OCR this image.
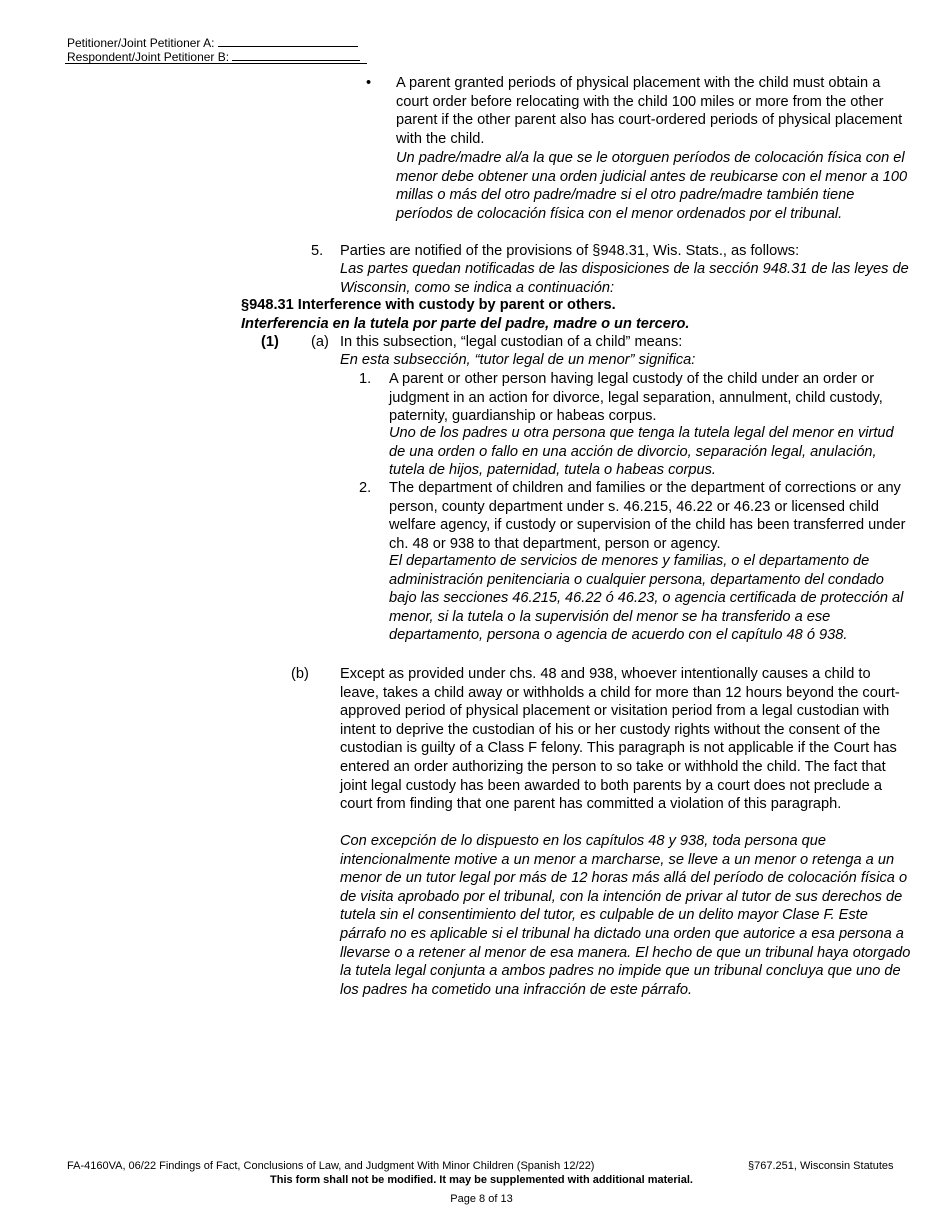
Petitioner/Joint Petitioner A:
Respondent/Joint Petitioner B:
• A parent granted periods of physical placement with the child must obtain a court order before relocating with the child 100 miles or more from the other parent if the other parent also has court-ordered periods of physical placement with the child.

Un padre/madre al/a la que se le otorguen períodos de colocación física con el menor debe obtener una orden judicial antes de reubicarse con el menor a 100 millas o más del otro padre/madre si el otro padre/madre también tiene períodos de colocación física con el menor ordenados por el tribunal.

5. Parties are notified of the provisions of §948.31, Wis. Stats., as follows:

Las partes quedan notificadas de las disposiciones de la sección 948.31 de las leyes de Wisconsin, como se indica a continuación:

§948.31 Interference with custody by parent or others.

Interferencia en la tutela por parte del padre, madre o un tercero.

(1) (a) In this subsection, “legal custodian of a child” means:

En esta subsección, “tutor legal de un menor” significa:

1. A parent or other person having legal custody of the child under an order or judgment in an action for divorce, legal separation, annulment, child custody, paternity, guardianship or habeas corpus.

Uno de los padres u otra persona que tenga la tutela legal del menor en virtud de una orden o fallo en una acción de divorcio, separación legal, anulación, tutela de hijos, paternidad, tutela o habeas corpus.

2. The department of children and families or the department of corrections or any person, county department under s. 46.215, 46.22 or 46.23 or licensed child welfare agency, if custody or supervision of the child has been transferred under ch. 48 or 938 to that department, person or agency.

El departamento de servicios de menores y familias, o el departamento de administración penitenciaria o cualquier persona, departamento del condado bajo las secciones 46.215, 46.22 ó 46.23, o agencia certificada de protección al menor, si la tutela o la supervisión del menor se ha transferido a ese departamento, persona o agencia de acuerdo con el capítulo 48 ó 938.

(b) Except as provided under chs. 48 and 938, whoever intentionally causes a child to leave, takes a child away or withholds a child for more than 12 hours beyond the court-approved period of physical placement or visitation period from a legal custodian with intent to deprive the custodian of his or her custody rights without the consent of the custodian is guilty of a Class F felony. This paragraph is not applicable if the Court has entered an order authorizing the person to so take or withhold the child. The fact that joint legal custody has been awarded to both parents by a court does not preclude a court from finding that one parent has committed a violation of this paragraph.

Con excepción de lo dispuesto en los capítulos 48 y 938, toda persona que intencionalmente motive a un menor a marcharse, se lleve a un menor o retenga a un menor de un tutor legal por más de 12 horas más allá del período de colocación física o de visita aprobado por el tribunal, con la intención de privar al tutor de sus derechos de tutela sin el consentimiento del tutor, es culpable de un delito mayor Clase F. Este párrafo no es aplicable si el tribunal ha dictado una orden que autorice a esa persona a llevarse o a retener al menor de esa manera. El hecho de que un tribunal haya otorgado la tutela legal conjunta a ambos padres no impide que un tribunal concluya que uno de los padres ha cometido una infracción de este párrafo.

FA-4160VA, 06/22 Findings of Fact, Conclusions of Law, and Judgment With Minor Children (Spanish 12/22)	§767.251, Wisconsin Statutes
This form shall not be modified. It may be supplemented with additional material.
Page 8 of 13
